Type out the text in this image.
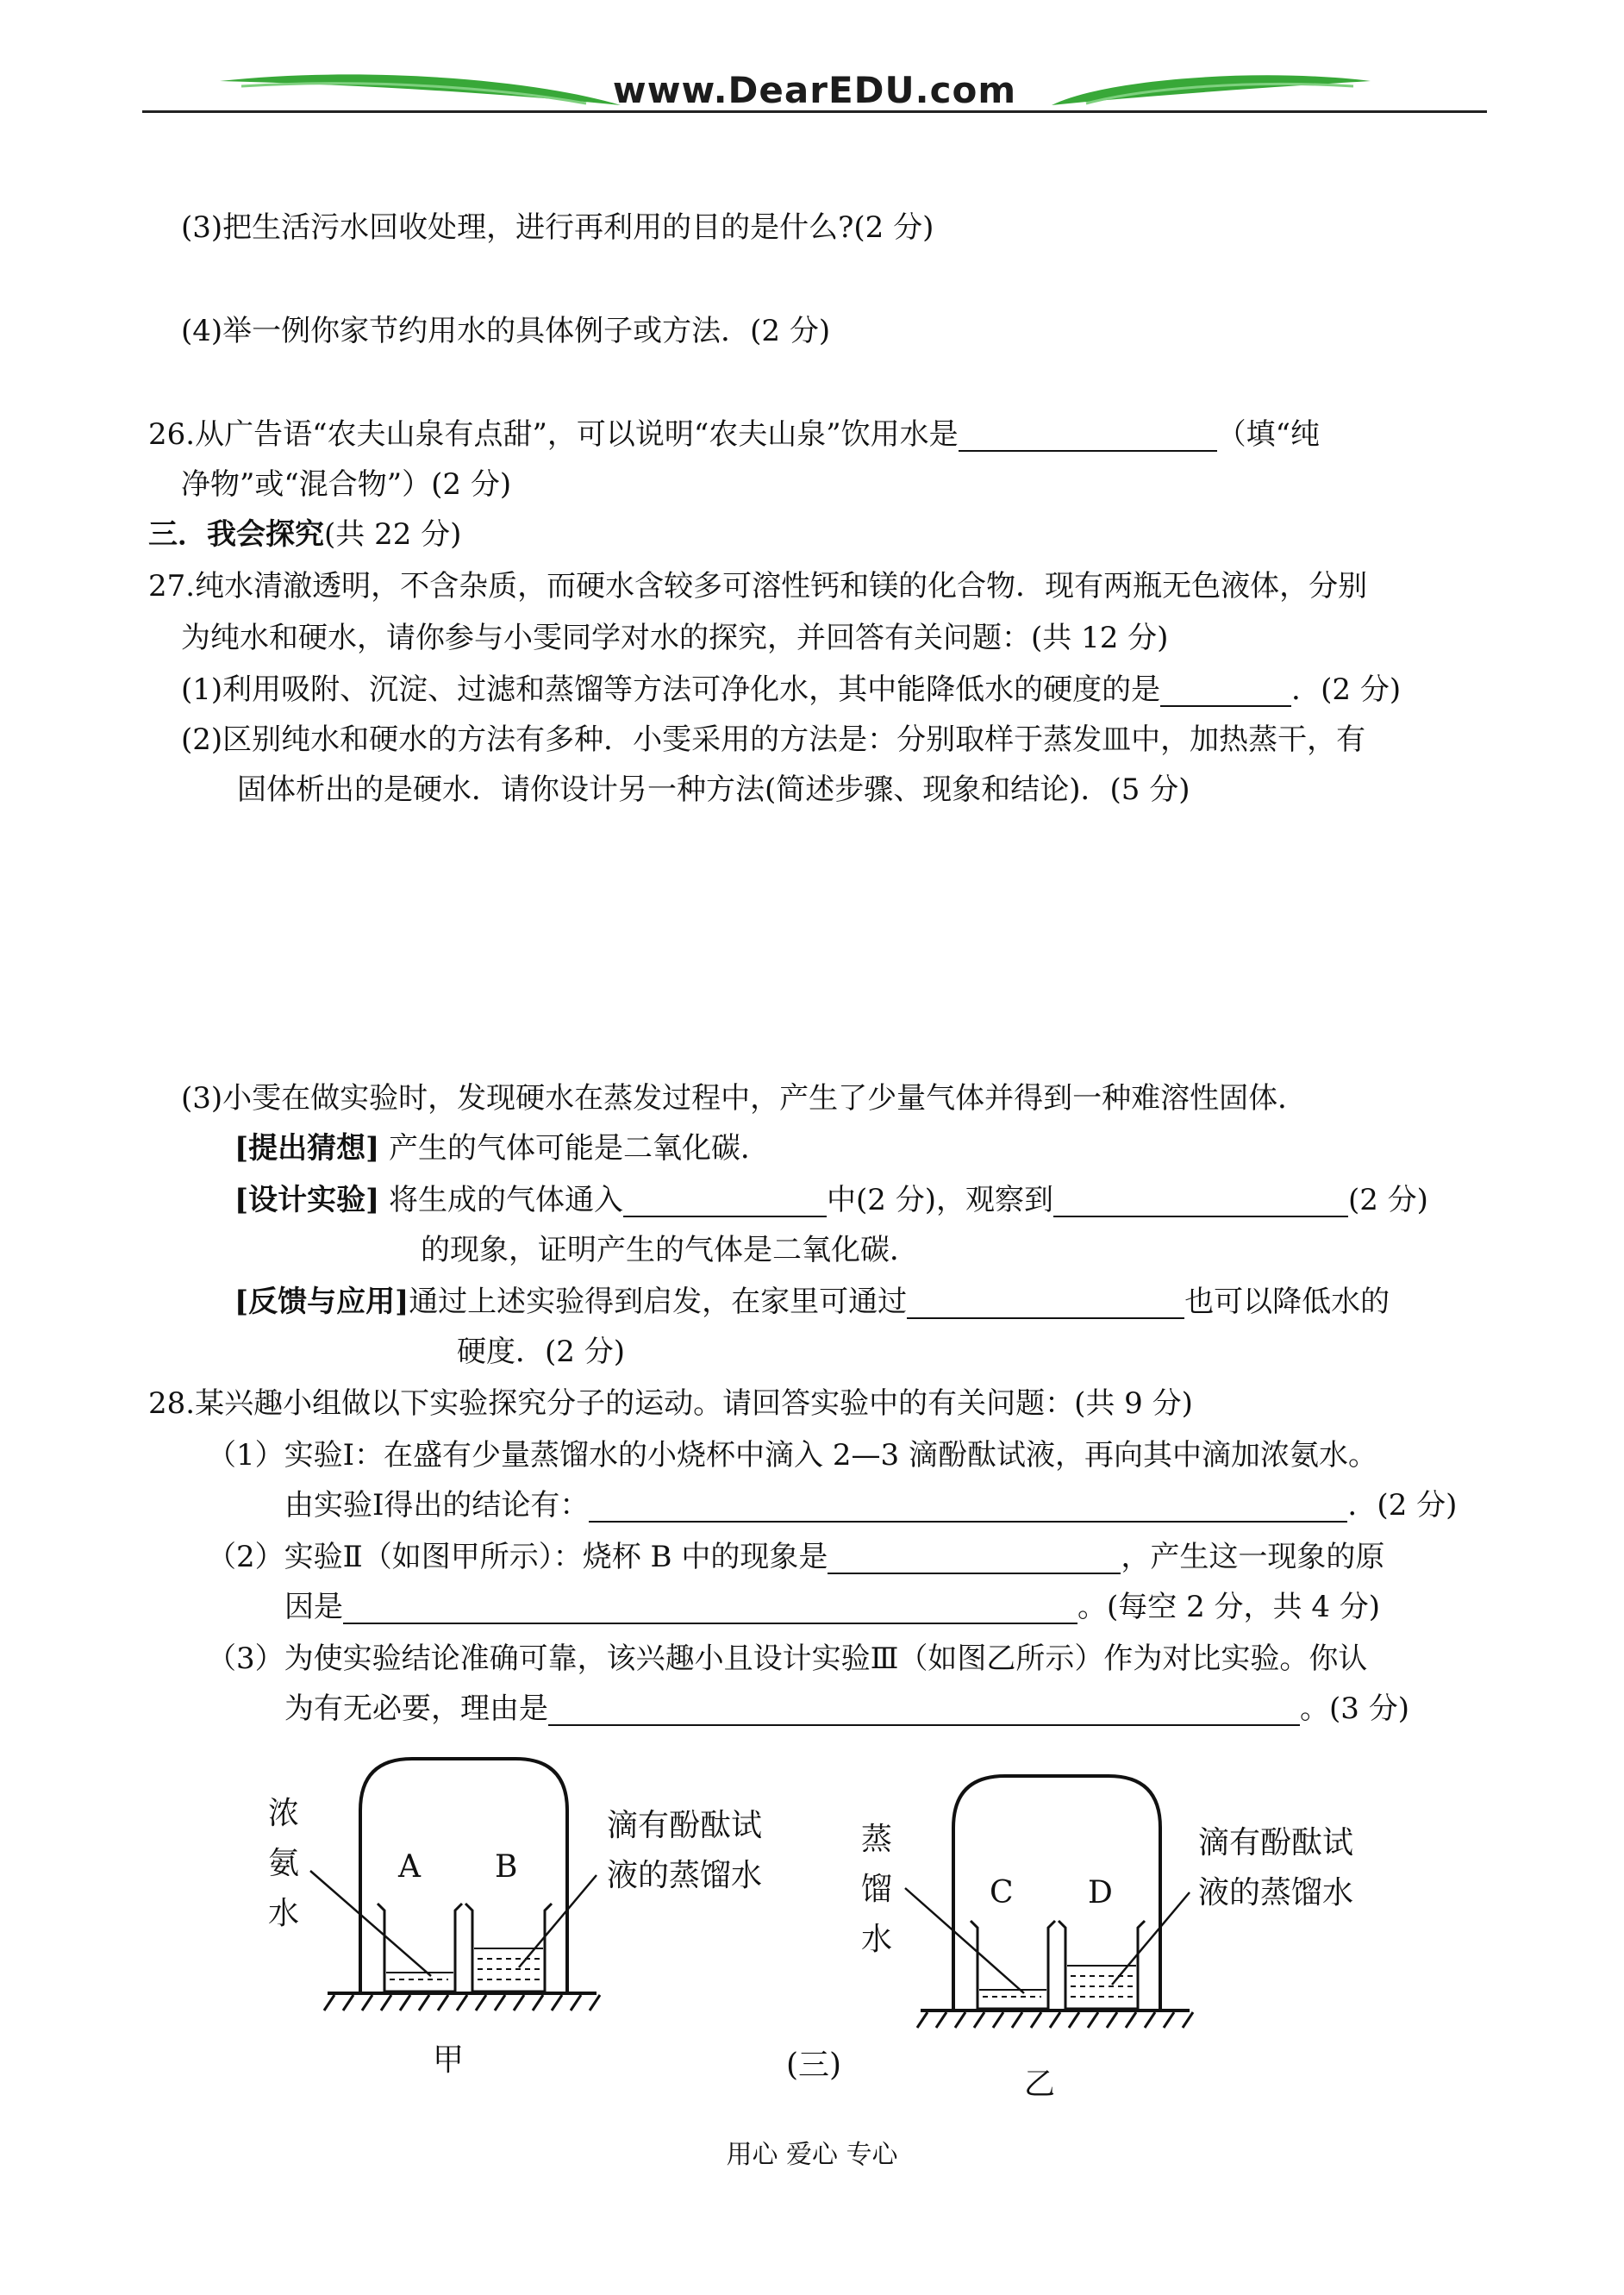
www.DearEDU.com
(3)把生活污水回收处理，进行再利用的目的是什么?(2 分)
(4)举一例你家节约用水的具体例子或方法．(2 分)
26.从广告语“农夫山泉有点甜”，可以说明“农夫山泉”饮用水是	（填“纯
净物”或“混合物”）(2 分)
三．我会探究(共 22 分)
27.纯水清澈透明，不含杂质，而硬水含较多可溶性钙和镁的化合物．现有两瓶无色液体，分别
为纯水和硬水，请你参与小雯同学对水的探究，并回答有关问题：(共 12 分)
(1)利用吸附、沉淀、过滤和蒸馏等方法可净化水，其中能降低水的硬度的是	．(2 分)
(2)区别纯水和硬水的方法有多种．小雯采用的方法是：分别取样于蒸发皿中，加热蒸干，有
固体析出的是硬水．请你设计另一种方法(简述步骤、现象和结论)．(5 分)
(3)小雯在做实验时，发现硬水在蒸发过程中，产生了少量气体并得到一种难溶性固体．
[提出猜想] 产生的气体可能是二氧化碳．
[设计实验] 将生成的气体通入	中(2 分)，观察到	(2 分)
的现象，证明产生的气体是二氧化碳．
[反馈与应用]通过上述实验得到启发，在家里可通过	也可以降低水的
硬度．(2 分)
28.某兴趣小组做以下实验探究分子的运动。请回答实验中的有关问题：(共 9 分)
（1）实验Ⅰ：在盛有少量蒸馏水的小烧杯中滴入 2—3 滴酚酞试液，再向其中滴加浓氨水。
由实验Ⅰ得出的结论有：	．(2 分)
（2）实验Ⅱ（如图甲所示）：烧杯 B 中的现象是	，产生这一现象的原
因是	。(每空 2 分，共 4 分)
（3）为使实验结论准确可靠，该兴趣小且设计实验Ⅲ（如图乙所示）作为对比实验。你认
为有无必要，理由是	。(3 分)
浓
氨
水
A B
滴有酚酞试
液的蒸馏水
甲	(三)
蒸
馏
水
C D
滴有酚酞试
液的蒸馏水
乙
用心 爱心 专心
